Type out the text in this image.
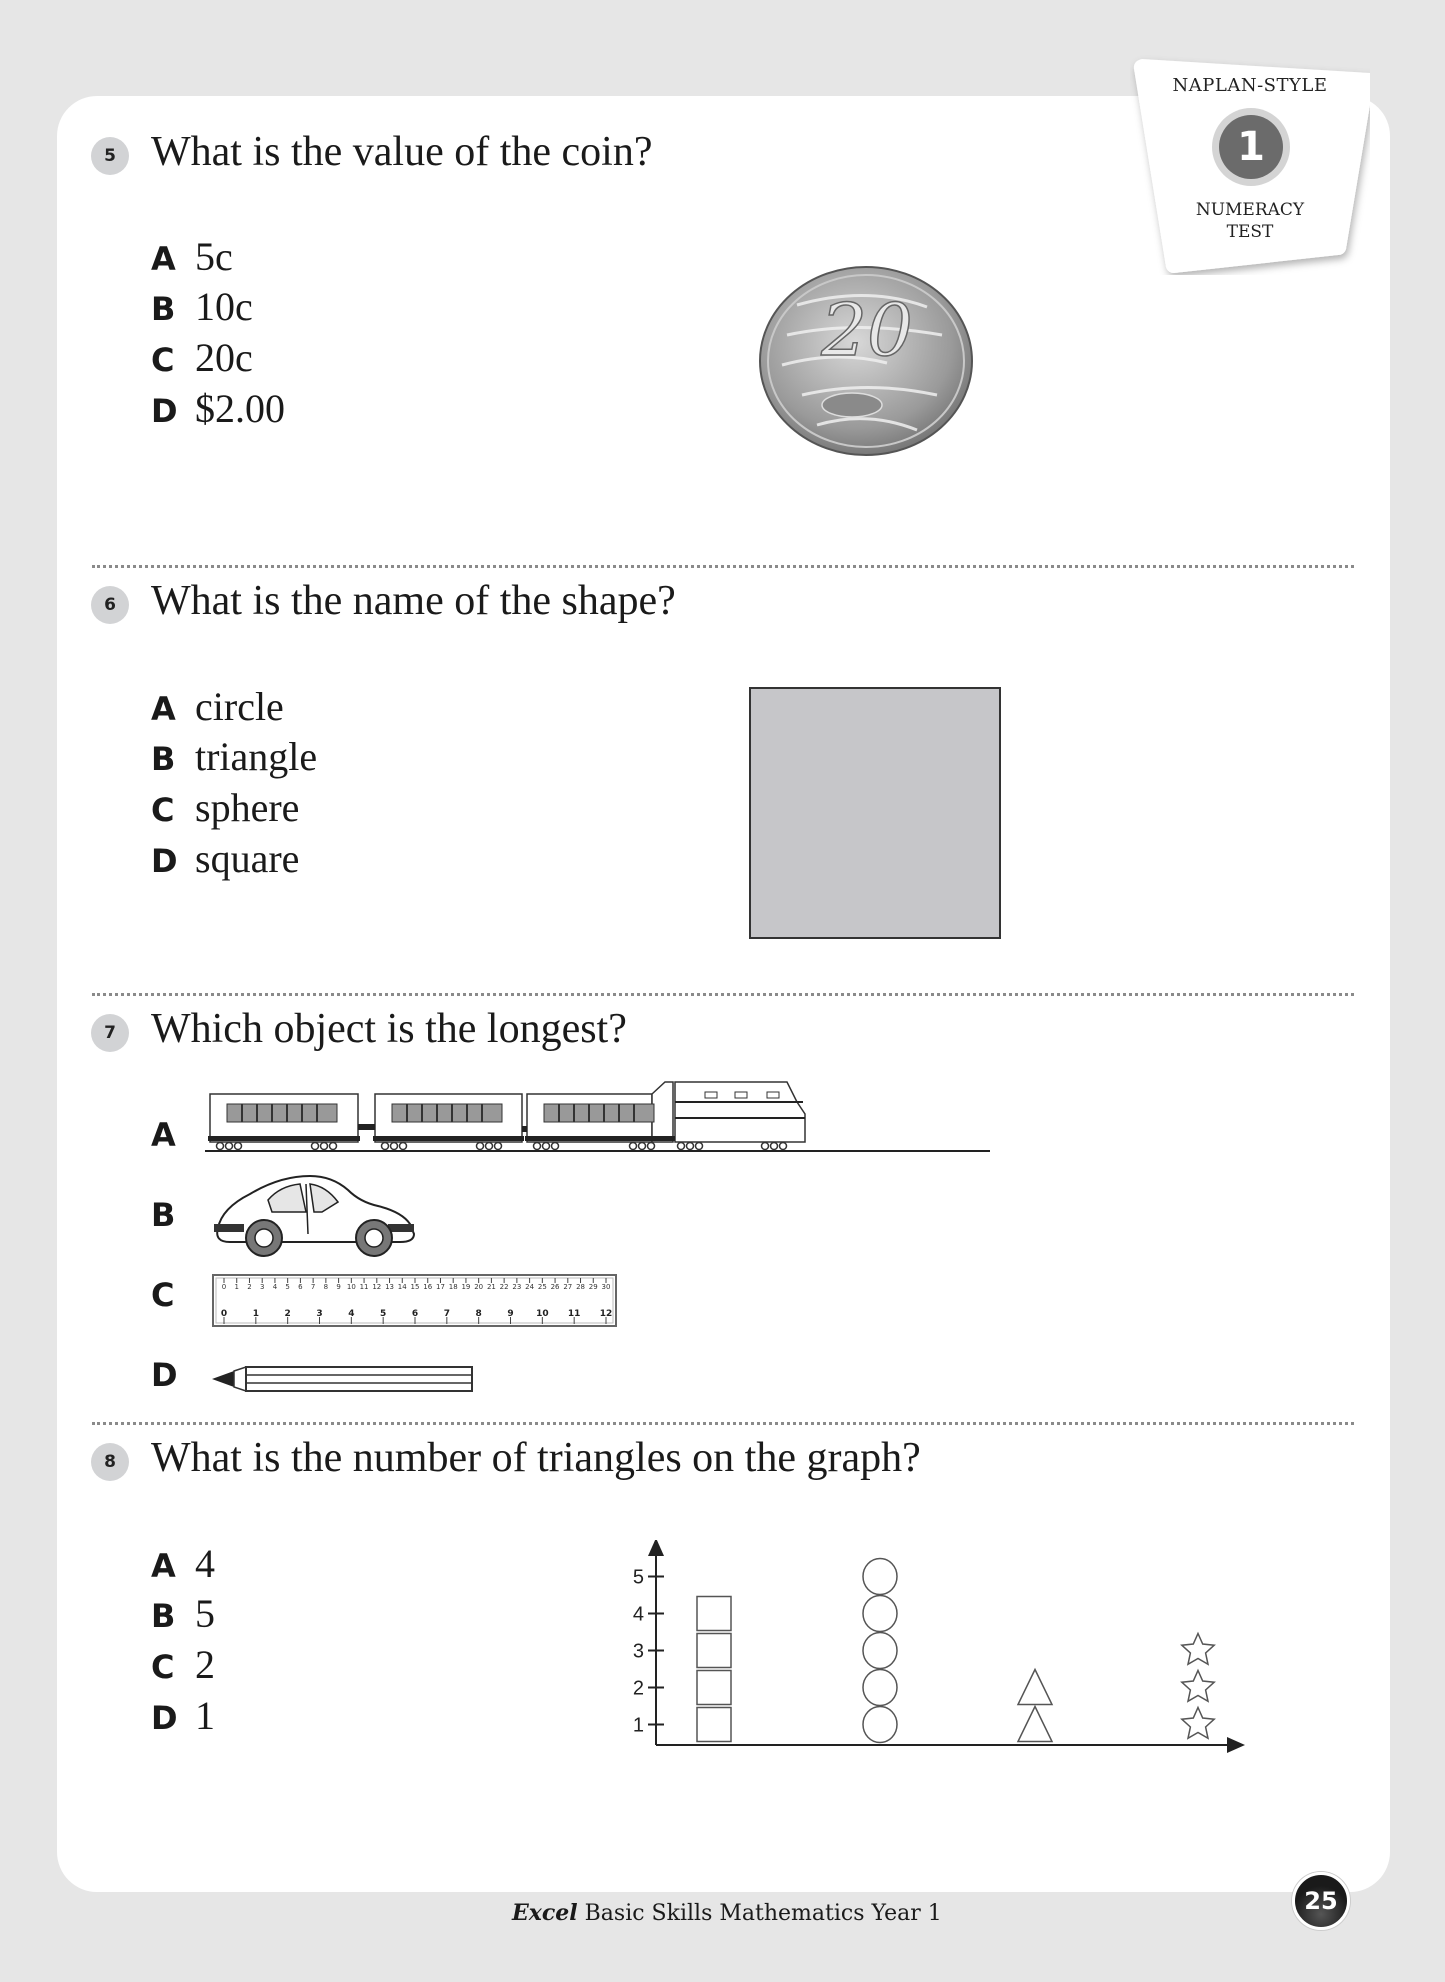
NAPLAN-STYLE
1
NUMERACY
TEST
5 What is the value of the coin?
A 5c
B 10c
C 20c
D $2.00
20
6 What is the name of the shape?
A circle
B triangle
C sphere
D square
7 Which object is the longest?
A
B
C	0 1 2 3 4 5 6 7 8 9 10 11 12 13 14 15 16 17 18 19 20 21 22 23 24 25 26 27 28 29 30
0	1	2	3	4	5	6	7	8	9 10 11 12
D
8 What is the number of triangles on the graph?
A 4
B 5
C 2
D 1	1
2
3
4
5
Excel Basic Skills Mathematics Year 1	25
